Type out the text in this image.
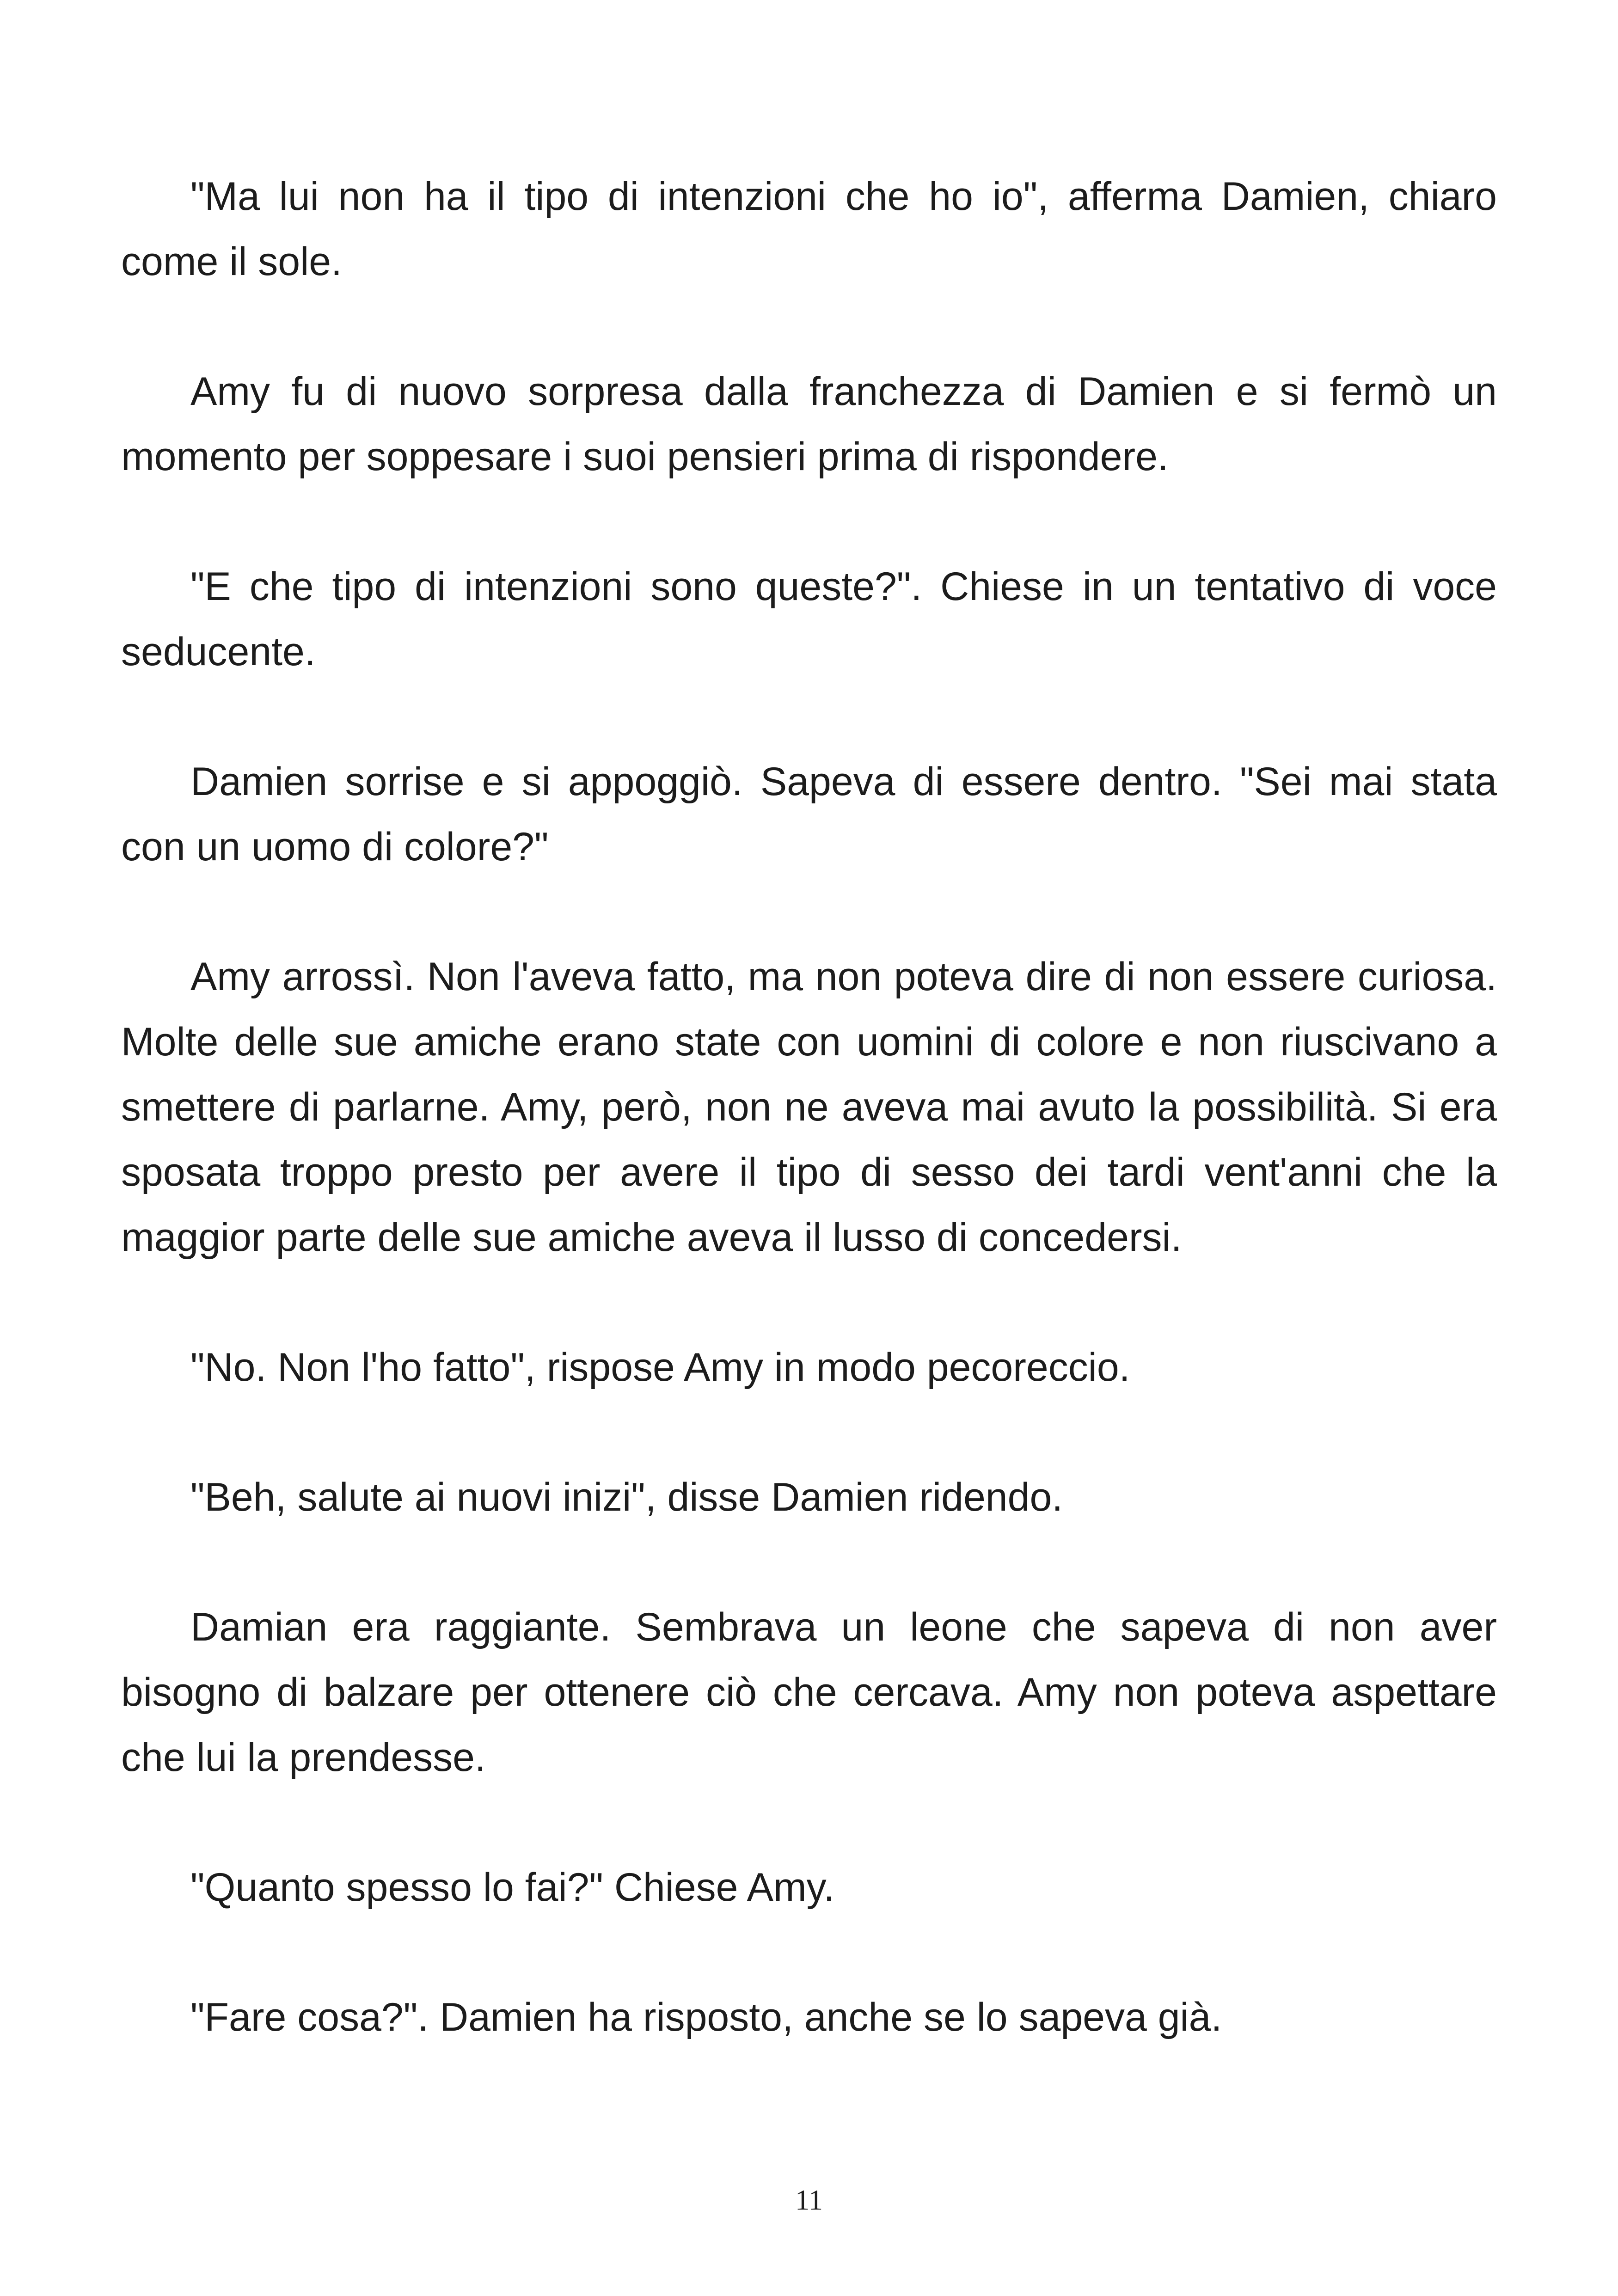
"Ma lui non ha il tipo di intenzioni che ho io", afferma Damien, chiaro come il sole.

Amy fu di nuovo sorpresa dalla franchezza di Damien e si fermò un momento per soppesare i suoi pensieri prima di rispondere.

"E che tipo di intenzioni sono queste?". Chiese in un tentativo di voce seducente.

Damien sorrise e si appoggiò. Sapeva di essere dentro. "Sei mai stata con un uomo di colore?"

Amy arrossì. Non l'aveva fatto, ma non poteva dire di non essere curiosa. Molte delle sue amiche erano state con uomini di colore e non riuscivano a smettere di parlarne. Amy, però, non ne aveva mai avuto la possibilità. Si era sposata troppo presto per avere il tipo di sesso dei tardi vent'anni che la maggior parte delle sue amiche aveva il lusso di concedersi.

"No. Non l'ho fatto", rispose Amy in modo pecoreccio.

"Beh, salute ai nuovi inizi", disse Damien ridendo.

Damian era raggiante. Sembrava un leone che sapeva di non aver bisogno di balzare per ottenere ciò che cercava. Amy non poteva aspettare che lui la prendesse.

"Quanto spesso lo fai?" Chiese Amy.

"Fare cosa?". Damien ha risposto, anche se lo sapeva già.

11
